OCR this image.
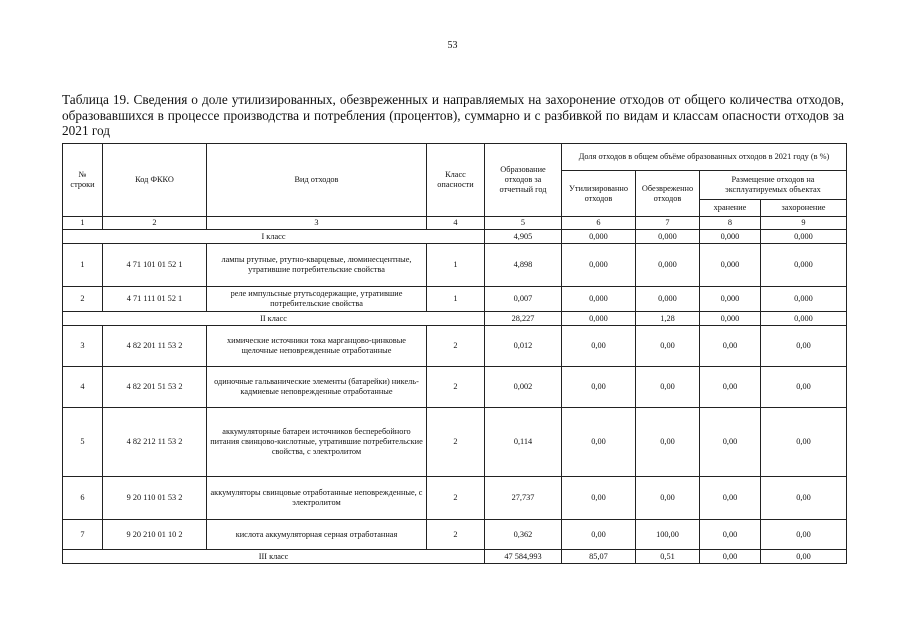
53
Таблица 19. Сведения о доле утилизированных, обезвреженных и направляемых на захоронение отходов от общего количества отходов, образовавшихся в процессе производства и потребления (процентов), суммарно и с разбивкой по видам и классам опасности отходов за 2021 год
№ строки	Код ФККО	Вид отходов	Класс опасности	Образование отходов за отчетный год	Доля отходов в общем объёме образованных отходов в 2021 году (в %)			
					Утилизированно отходов	Обезвреженно отходов	Размещение отходов на эксплуатируемых объектах	
							хранение	захоронение
1	2	3	4	5	6	7	8	9
I класс				4,905	0,000	0,000	0,000	0,000
1	4 71 101 01 52 1	лампы ртутные, ртутно-кварцевые, люминесцентные, утратившие потребительские свойства	1	4,898	0,000	0,000	0,000	0,000
2	4 71 111 01 52 1	реле импульсные ртутьсодержащие, утратившие потребительские свойства	1	0,007	0,000	0,000	0,000	0,000
II класс				28,227	0,000	1,28	0,000	0,000
3	4 82 201 11 53 2	химические источники тока марганцово-цинковые щелочные неповрежденные отработанные	2	0,012	0,00	0,00	0,00	0,00
4	4 82 201 51 53 2	одиночные гальванические элементы (батарейки) никель-кадмиевые неповрежденные отработанные	2	0,002	0,00	0,00	0,00	0,00
5	4 82 212 11 53 2	аккумуляторные батареи источников бесперебойного питания свинцово-кислотные, утратившие потребительские свойства, с электролитом	2	0,114	0,00	0,00	0,00	0,00
6	9 20 110 01 53 2	аккумуляторы свинцовые отработанные неповрежденные, с электролитом	2	27,737	0,00	0,00	0,00	0,00
7	9 20 210 01 10 2	кислота аккумуляторная серная отработанная	2	0,362	0,00	100,00	0,00	0,00
III класс				47 584,993	85,07	0,51	0,00	0,00
